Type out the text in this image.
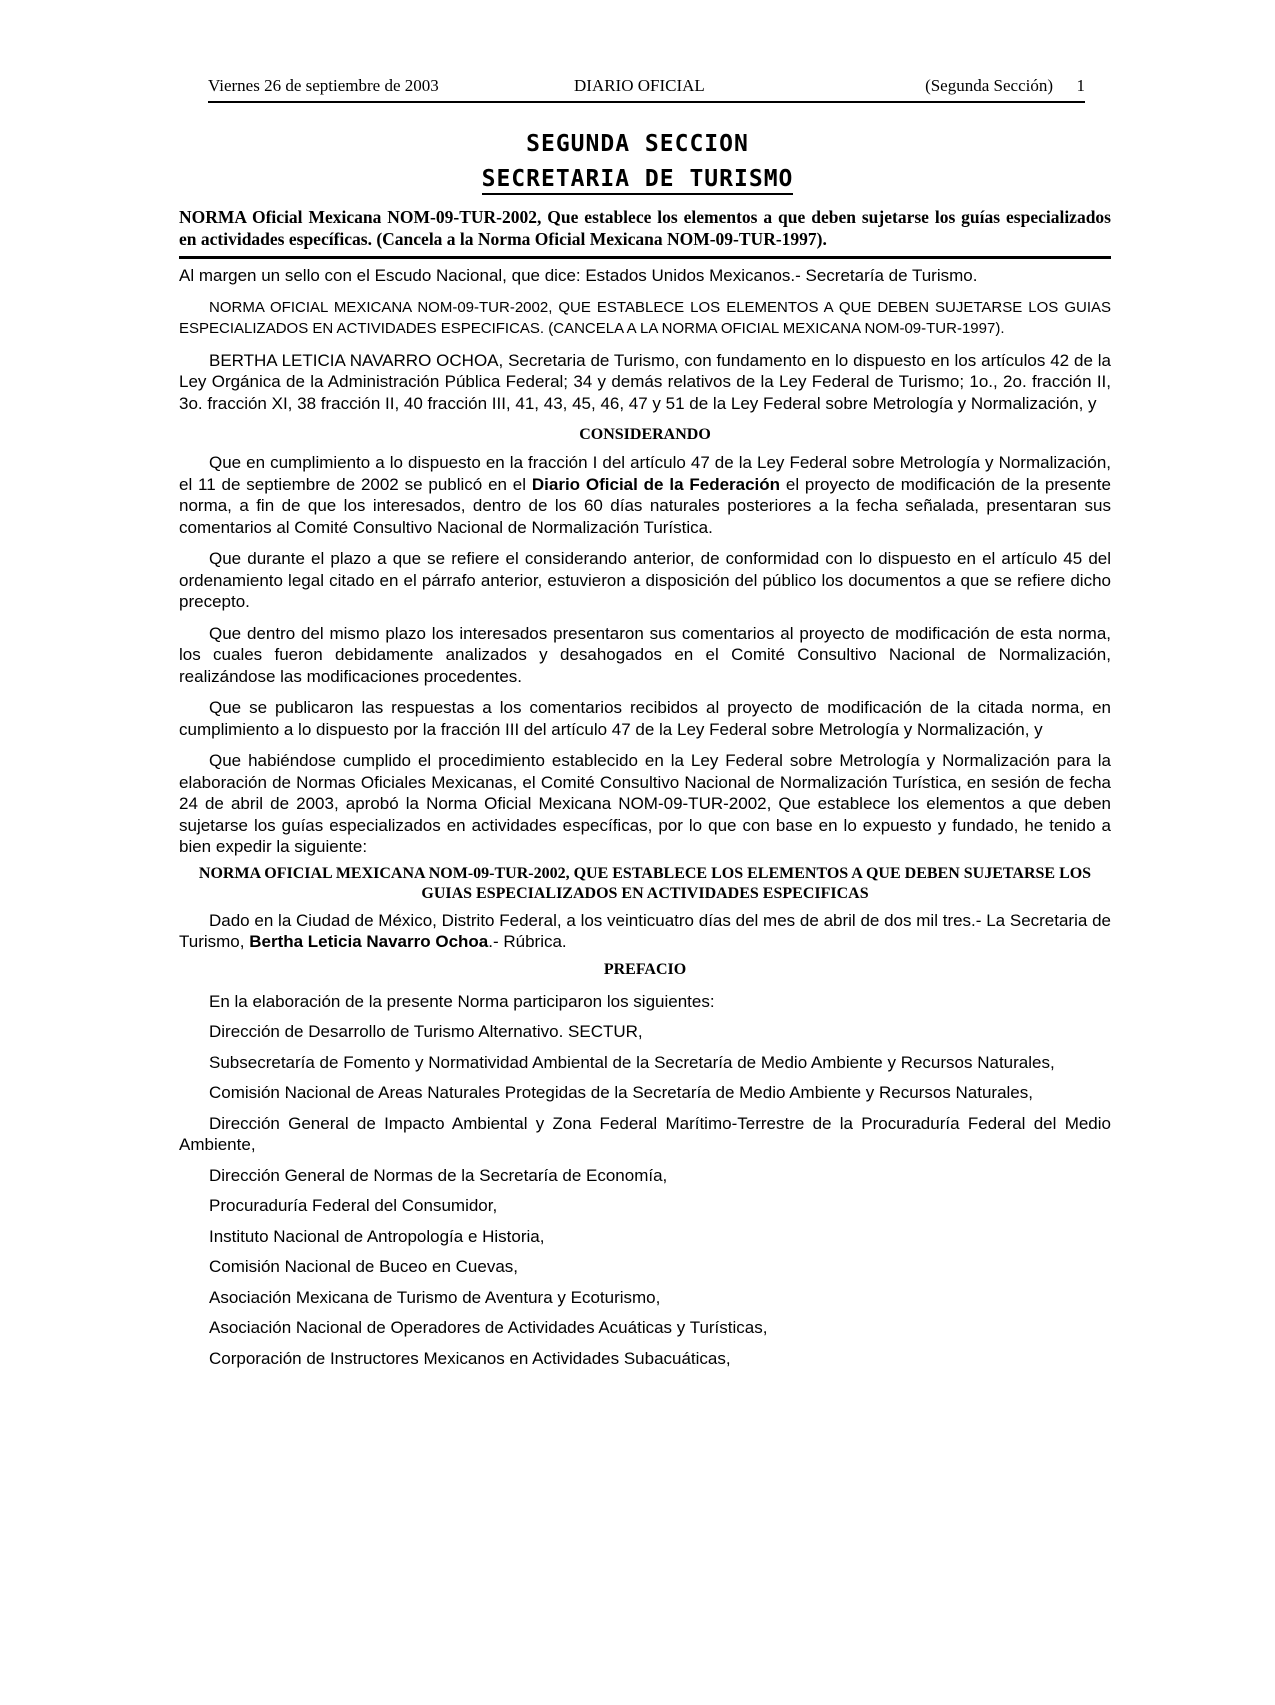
Viernes 26 de septiembre de 2003	DIARIO OFICIAL	(Segunda Sección) 1
SEGUNDA SECCION
SECRETARIA DE TURISMO

NORMA Oficial Mexicana NOM-09-TUR-2002, Que establece los elementos a que deben sujetarse los guías especializados en actividades específicas. (Cancela a la Norma Oficial Mexicana NOM-09-TUR-1997).

Al margen un sello con el Escudo Nacional, que dice: Estados Unidos Mexicanos.- Secretaría de Turismo.

NORMA OFICIAL MEXICANA NOM-09-TUR-2002, QUE ESTABLECE LOS ELEMENTOS A QUE DEBEN SUJETARSE LOS GUIAS ESPECIALIZADOS EN ACTIVIDADES ESPECIFICAS. (CANCELA A LA NORMA OFICIAL MEXICANA NOM-09-TUR-1997).

BERTHA LETICIA NAVARRO OCHOA, Secretaria de Turismo, con fundamento en lo dispuesto en los artículos 42 de la Ley Orgánica de la Administración Pública Federal; 34 y demás relativos de la Ley Federal de Turismo; 1o., 2o. fracción II, 3o. fracción XI, 38 fracción II, 40 fracción III, 41, 43, 45, 46, 47 y 51 de la Ley Federal sobre Metrología y Normalización, y

CONSIDERANDO

Que en cumplimiento a lo dispuesto en la fracción I del artículo 47 de la Ley Federal sobre Metrología y Normalización, el 11 de septiembre de 2002 se publicó en el Diario Oficial de la Federación el proyecto de modificación de la presente norma, a fin de que los interesados, dentro de los 60 días naturales posteriores a la fecha señalada, presentaran sus comentarios al Comité Consultivo Nacional de Normalización Turística.

Que durante el plazo a que se refiere el considerando anterior, de conformidad con lo dispuesto en el artículo 45 del ordenamiento legal citado en el párrafo anterior, estuvieron a disposición del público los documentos a que se refiere dicho precepto.

Que dentro del mismo plazo los interesados presentaron sus comentarios al proyecto de modificación de esta norma, los cuales fueron debidamente analizados y desahogados en el Comité Consultivo Nacional de Normalización, realizándose las modificaciones procedentes.

Que se publicaron las respuestas a los comentarios recibidos al proyecto de modificación de la citada norma, en cumplimiento a lo dispuesto por la fracción III del artículo 47 de la Ley Federal sobre Metrología y Normalización, y

Que habiéndose cumplido el procedimiento establecido en la Ley Federal sobre Metrología y Normalización para la elaboración de Normas Oficiales Mexicanas, el Comité Consultivo Nacional de Normalización Turística, en sesión de fecha 24 de abril de 2003, aprobó la Norma Oficial Mexicana NOM-09-TUR-2002, Que establece los elementos a que deben sujetarse los guías especializados en actividades específicas, por lo que con base en lo expuesto y fundado, he tenido a bien expedir la siguiente:

NORMA OFICIAL MEXICANA NOM-09-TUR-2002, QUE ESTABLECE LOS ELEMENTOS A QUE DEBEN SUJETARSE LOS GUIAS ESPECIALIZADOS EN ACTIVIDADES ESPECIFICAS

Dado en la Ciudad de México, Distrito Federal, a los veinticuatro días del mes de abril de dos mil tres.- La Secretaria de Turismo, Bertha Leticia Navarro Ochoa.- Rúbrica.

PREFACIO

En la elaboración de la presente Norma participaron los siguientes:

Dirección de Desarrollo de Turismo Alternativo. SECTUR,

Subsecretaría de Fomento y Normatividad Ambiental de la Secretaría de Medio Ambiente y Recursos Naturales,

Comisión Nacional de Areas Naturales Protegidas de la Secretaría de Medio Ambiente y Recursos Naturales,

Dirección General de Impacto Ambiental y Zona Federal Marítimo-Terrestre de la Procuraduría Federal del Medio Ambiente,

Dirección General de Normas de la Secretaría de Economía,

Procuraduría Federal del Consumidor,

Instituto Nacional de Antropología e Historia,

Comisión Nacional de Buceo en Cuevas,

Asociación Mexicana de Turismo de Aventura y Ecoturismo,

Asociación Nacional de Operadores de Actividades Acuáticas y Turísticas,

Corporación de Instructores Mexicanos en Actividades Subacuáticas,
